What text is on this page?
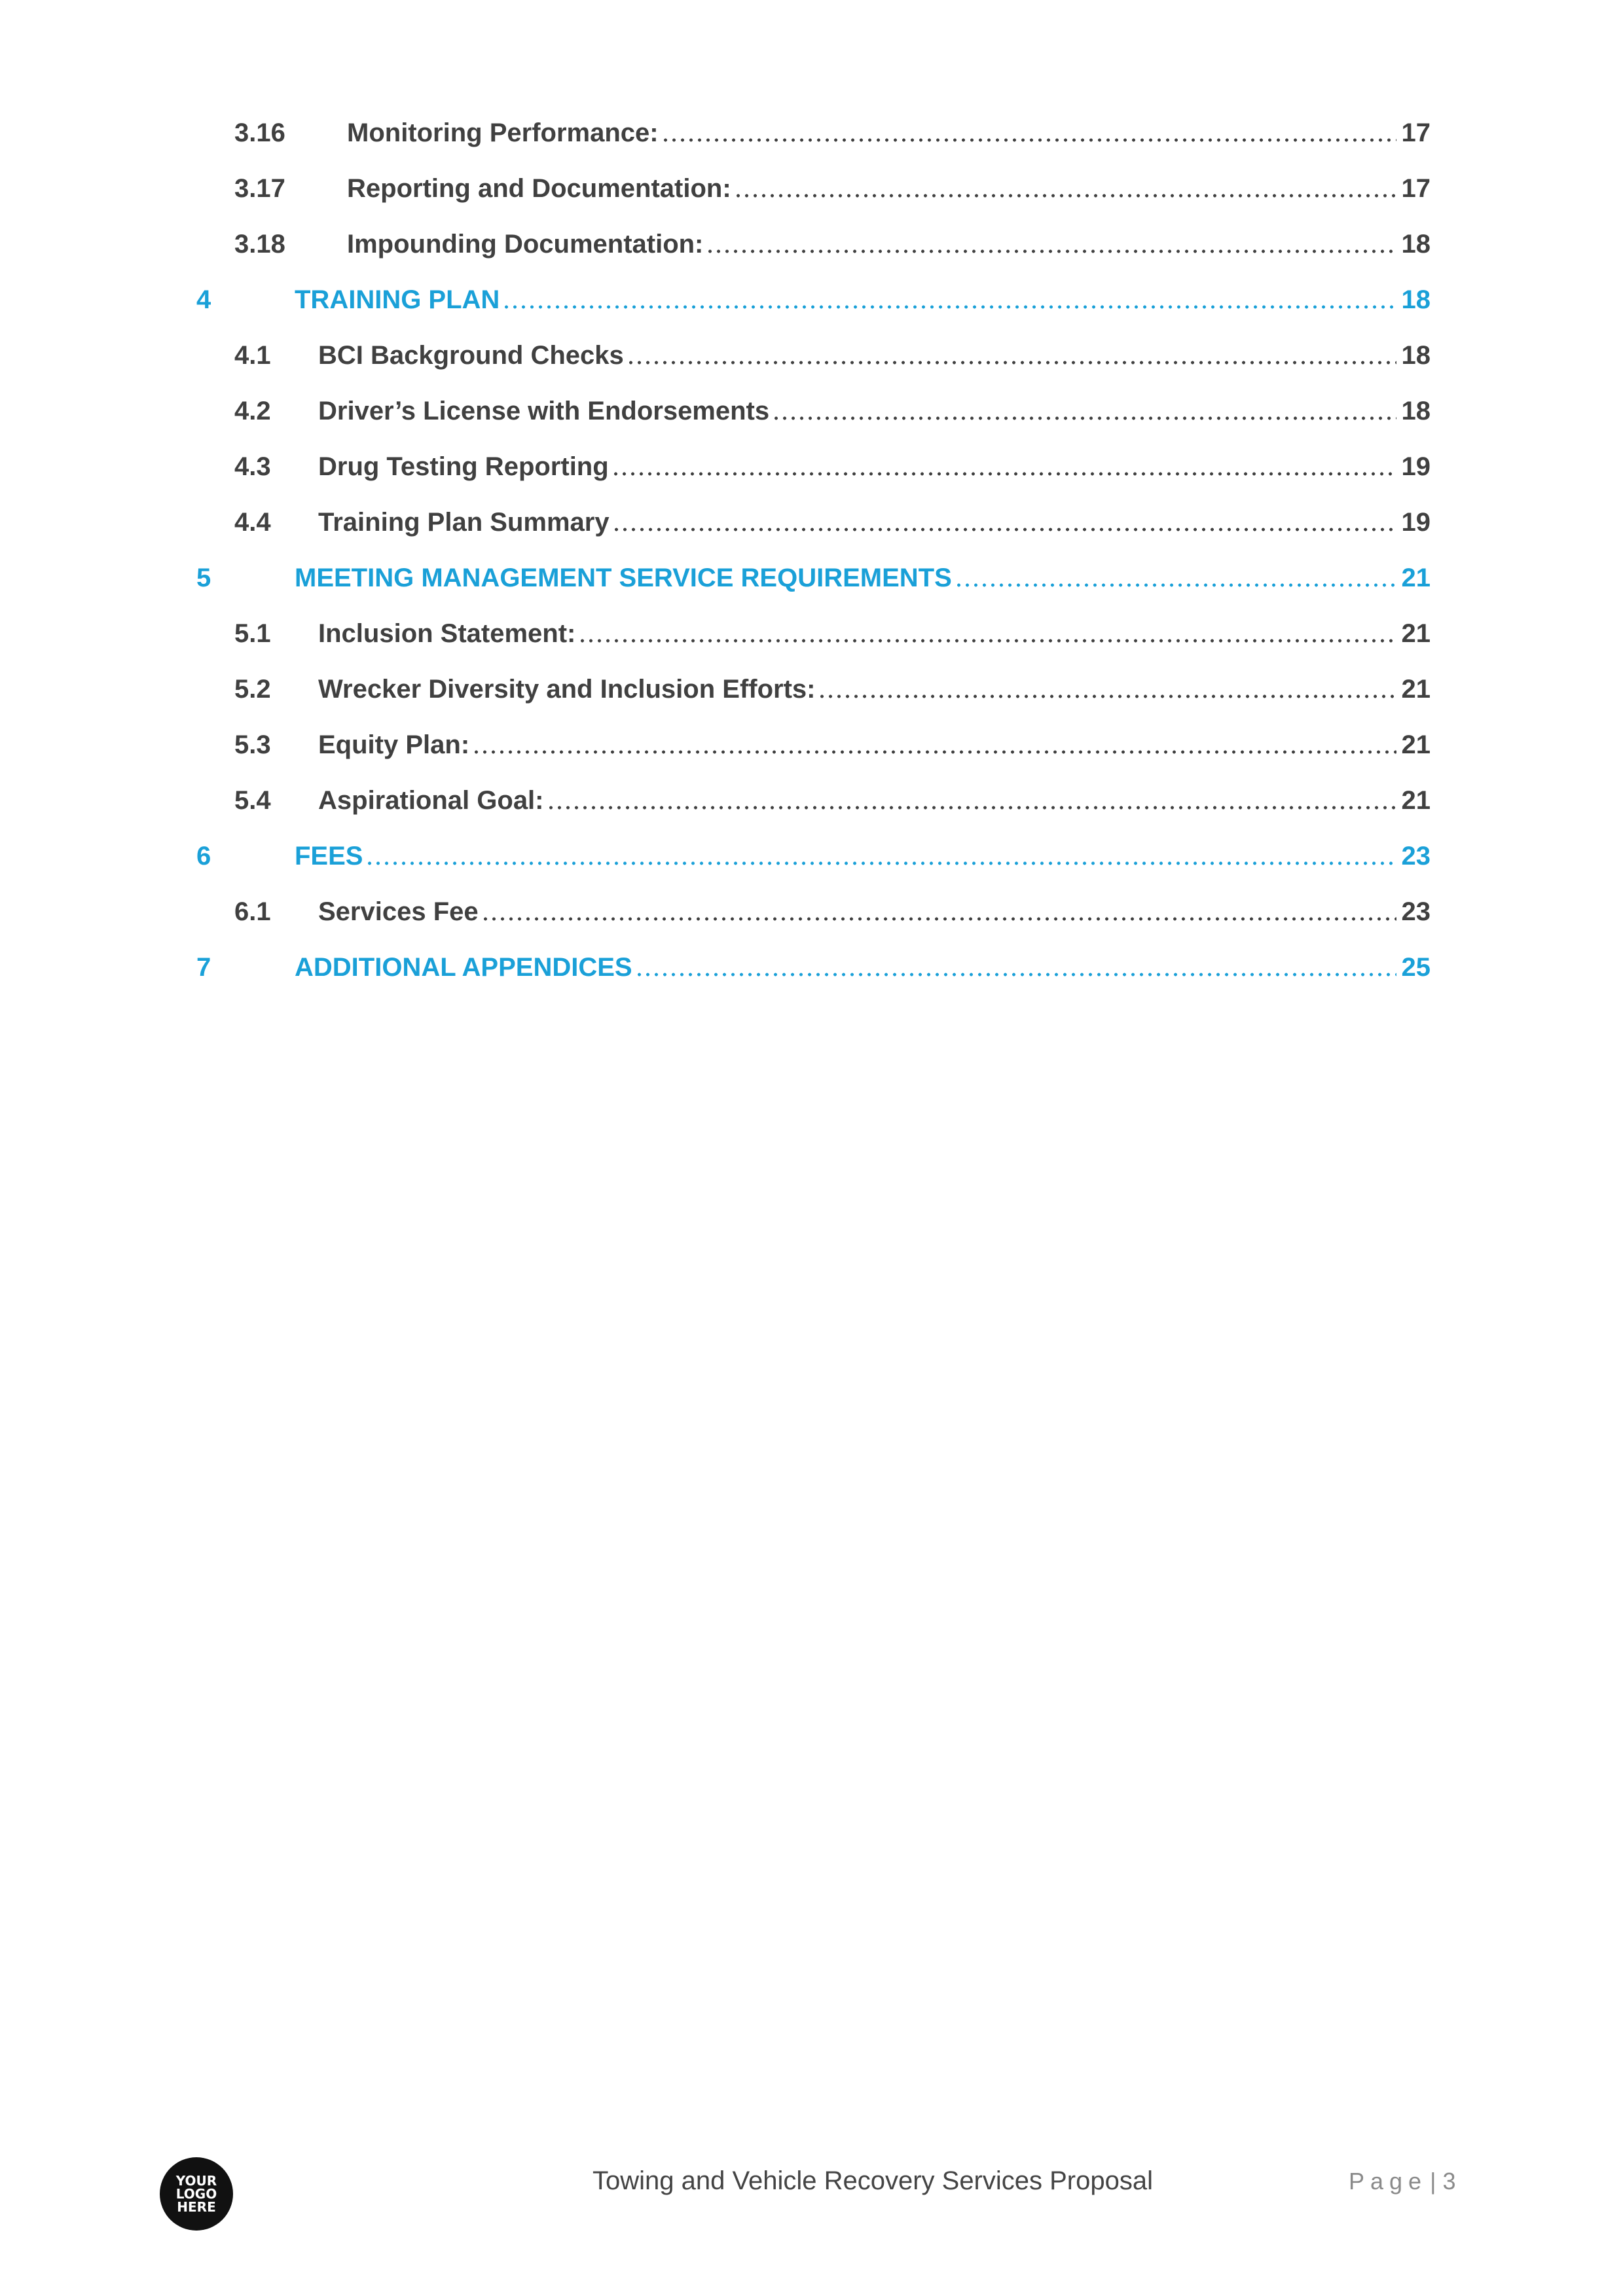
3.16	Monitoring Performance:	17
3.17	Reporting and Documentation:	17
3.18	Impounding Documentation:	18
4	TRAINING PLAN	18
4.1	BCI Background Checks	18
4.2	Driver’s License with Endorsements	18
4.3	Drug Testing Reporting	19
4.4	Training Plan Summary	19
5	MEETING MANAGEMENT SERVICE REQUIREMENTS	21
5.1	Inclusion Statement:	21
5.2	Wrecker Diversity and Inclusion Efforts:	21
5.3	Equity Plan:	21
5.4	Aspirational Goal:	21
6	FEES	23
6.1	Services Fee	23
7	ADDITIONAL APPENDICES	25
YOUR
LOGO
HERE
Towing and Vehicle Recovery Services Proposal	Page | 3
